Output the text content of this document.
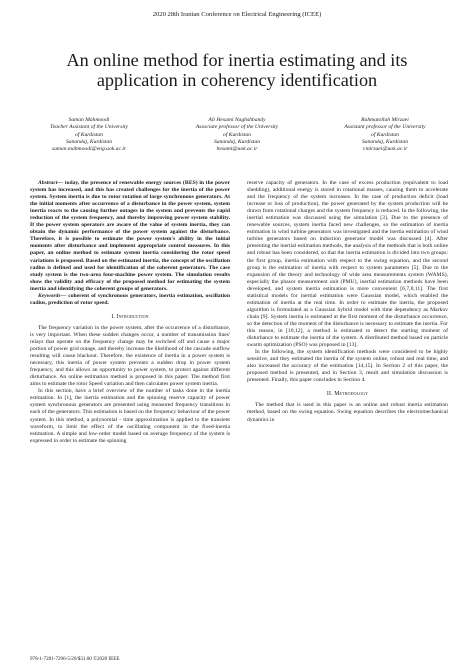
2020 28th Iranian Conference on Electrical Engineering (ICEE)
An online method for inertia estimating and its
application in coherency identification
Saman Mahmoodi
Teacher Assistant of the University
of Kurdistan
Sanandaj, Kurdistan
saman.mahmoodi@eng.uok.ac.ir
Ali Hesami Naghshbandy
Associate professor of the University
of Kurdistan
Sanandaj, Kurdistan
hesami@uok.ac.ir
Rahmatollah Mirzaei
Assistant professor of the University
of Kurdistan
Sanandaj, Kurdistan
r.mirzaei@uok.ac.ir

Abstract— today, the presence of renewable energy sources (RES) in the power system has increased, and this has created challenges for the inertia of the power system. System inertia is due to rotor rotation of large synchronous generators. At the initial moments after occurrence of a disturbance in the power system, system inertia reacts to the causing further outages in the system and prevents the rapid reduction of the system frequency, and thereby improving power system stability. If the power system operators are aware of the value of system inertia, they can obtain the dynamic performance of the power system against the disturbance. Therefore, it is possible to estimate the power system's ability in the initial moments after disturbance and implement appropriate control measures. In this paper, an online method to estimate system inertia considering the rotor speed variations is proposed. Based on the estimated inertia, the concept of the oscillation radius is defined and used for identification of the coherent generators. The case study system is the two-area four-machine power system. The simulation results show the validity and efficacy of the proposed method for estimating the system inertia and identifying the coherent groups of generators.

Keywords— coherent of synchronous generators, inertia estimation, oscillation radius, prediction of rotor speed.

I. Introduction

The frequency variation in the power system, after the occurrence of a disturbance, is very important. When these sudden changes occur, a number of transmission lines' relays that operate on the frequency change may be switched off and cause a major portion of power grid outage, and thereby increase the likelihood of the cascade outflow resulting will cause blackout. Therefore, the existence of inertia in a power system is necessary, this inertia of power system prevents a sudden drop in power system frequency, and this allows an opportunity to power system, to protect against different disturbance. An online estimation method is proposed in this paper. The method first aims to estimate the rotor Speed variation and then calculates power system inertia.

In this section, have a brief overview of the number of tasks done in the inertia estimation. In [1], the inertia estimation and the spinning reserve capacity of power system synchronous generators are presented using measured frequency transitions in each of the generators. This estimation is based on the frequency behaviour of the power system. In this method, a polynomial - time approximation is applied to the transient waveform, to limit the effect of the oscillating component in the fixed-inertia estimation. A simple and low-order model based on average frequency of the system is expressed in order to estimate the spinning

reserve capacity of generators. In the case of excess production (equivalent to load shedding), additional energy is stored in rotational masses, causing them to accelerate and the frequency of the system increases. In the case of production deficit (load increase or loss of production), the power generated by the system production will be drawn from rotational charges and the system frequency is reduced. In the following, the inertial estimation was discussed using the simulation [3]. Due to the presence of renewable sources, system inertia faced new challenges, so the estimation of inertia estimation in wind turbine generators was investigated and the inertia estimation of wind turbine generators based on induction generator model was discussed [4]. After presenting the inertial estimation methods, the analysis of the methods that is both online and robust has been considered, so that the inertia estimation is divided into two groups: the first group, inertia estimation with respect to the swing equation, and the second group is the estimation of inertia with respect to system parameters [5]. Due to the expansion of the theory and technology of wide area measurements system (WAMS), especially the phasor measurement unit (PMU), inertial estimation methods have been developed, and system inertia estimation is more convenient [6,7,8,11]. The first statistical models for inertial estimation were Gaussian model, which enabled the estimation of inertia at the real time. In order to estimate the inertia, the proposed algorithm is formulated as a Gaussian hybrid model with time dependency as Markov chain [9]. System inertia is estimated at the first moment of the disturbance occurrence, so the detection of the moment of the disturbance is necessary to estimate the inertia. For this reason, in [10,12], a method is estimated to detect the starting moment of disturbance to estimate the inertia of the system. A distributed method based on particle swarm optimization (PSO) was proposed in [13].

In the following, the system identification methods were considered to be highly sensitive, and they estimated the inertia of the system online, robust and real time, and also increased the accuracy of the estimation [14,15]. In Section 2 of this paper, the proposed method is presented, and in Section 3, result and simulation discussion is presented. Finally, this paper concludes in Section 4.

II. Methodology

The method that is used in this paper is an online and robust inertia estimation method, based on the swing equation. Swing equation describes the electromechanical dynamics in

978-1-7281-7296-5/20/$31.00 ©2020 IEEE
